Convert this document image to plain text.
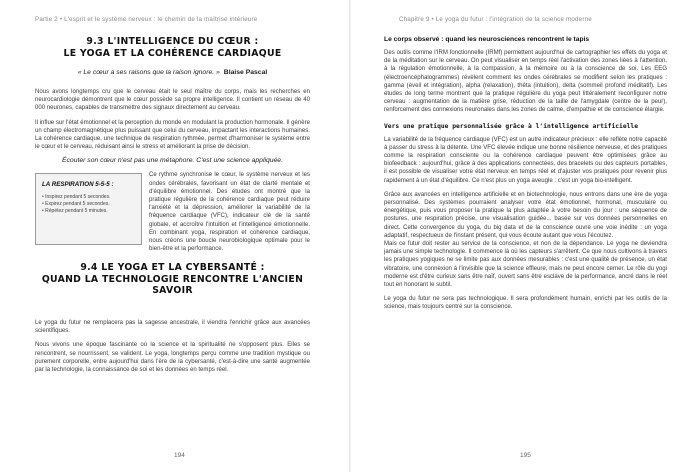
Partie 2 • L'esprit et le système nerveux : le chemin de la maîtrise intérieure	Chapitre 9 • Le yoga du futur : l'intégration de la science moderne
9.3 L'INTELLIGENCE DU CŒUR :
LE YOGA ET LA COHÉRENCE CARDIAQUE
« Le cœur a ses raisons que la raison ignore. » Blaise Pascal

Nous avons longtemps cru que le cerveau était le seul maître du corps, mais les recherches en neurocardiologie démontrent que le cœur possède sa propre intelligence. Il contient un réseau de 40 000 neurones, capables de transmettre des signaux directement au cerveau.

Il influe sur l'état émotionnel et la perception du monde en modulant la production hormonale. Il génère un champ électromagnétique plus puissant que celui du cerveau, impactant les interactions humaines. La cohérence cardiaque, une technique de respiration rythmée, permet d'harmoniser le système entre le cœur et le cerveau, réduisant ainsi le stress et améliorant la prise de décision.

Écouter son cœur n'est pas une métaphore. C'est une science appliquée.
LA RESPIRATION 5-5-5 :
• Inspirez pendant 5 secondes.
• Expirez pendant 5 secondes.
• Répétez pendant 5 minutes.

Ce rythme synchronise le cœur, le système nerveux et les ondes cérébrales, favorisant un état de clarté mentale et d'équilibre émotionnel. Des études ont montré que la pratique régulière de la cohérence cardiaque peut réduire l'anxiété et la dépression, améliorer la variabilité de la fréquence cardiaque (VFC), indicateur clé de la santé globale, et accroître l'intuition et l'intelligence émotionnelle. En combinant yoga, respiration et cohérence cardiaque, nous créons une boucle neurobiologique optimale pour le bien-être et la performance.

9.4 LE YOGA ET LA CYBERSANTÉ :
QUAND LA TECHNOLOGIE RENCONTRE L'ANCIEN SAVOIR

Le yoga du futur ne remplacera pas la sagesse ancestrale, il viendra l'enrichir grâce aux avancées scientifiques.

Nous vivons une époque fascinante où la science et la spiritualité ne s'opposent plus. Elles se rencontrent, se nourrissent, se valident. Le yoga, longtemps perçu comme une tradition mystique ou purement corporelle, entre aujourd'hui dans l'ère de la cybersanté, c'est-à-dire une santé augmentée par la technologie, la connaissance de soi et les données en temps réel.

Le corps observé : quand les neurosciences rencontrent le tapis

Des outils comme l'IRM fonctionnelle (IRMf) permettent aujourd'hui de cartographier les effets du yoga et de la méditation sur le cerveau. On peut visualiser en temps réel l'activation des zones liées à l'attention, à la régulation émotionnelle, à la compassion, à la mémoire ou à la conscience de soi. Les EEG (électroencéphalogrammes) révèlent comment les ondes cérébrales se modifient selon les pratiques : gamma (éveil et intégration), alpha (relaxation), thêta (intuition), delta (sommeil profond méditatif). Les études de long terme montrent que la pratique régulière du yoga peut littéralement reconfigurer notre cerveau : augmentation de la matière grise, réduction de la taille de l'amygdale (centre de la peur), renforcement des connexions neuronales dans les zones de calme, d'empathie et de conscience élargie.

Vers une pratique personnalisée grâce à l'intelligence artificielle

La variabilité de la fréquence cardiaque (VFC) est un autre indicateur précieux : elle reflète notre capacité à passer du stress à la détente. Une VFC élevée indique une bonne résilience nerveuse, et des pratiques comme la respiration consciente ou la cohérence cardiaque peuvent être optimisées grâce au biofeedback : aujourd'hui, grâce à des applications connectées, des bracelets ou des capteurs portables, il est possible de visualiser votre état nerveux en temps réel et d'ajuster vos pratiques pour revenir plus rapidement à un état d'équilibre. Ce n'est plus un yoga aveugle : c'est un yoga bio-intelligent.

Grâce aux avancées en intelligence artificielle et en biotechnologie, nous entrons dans une ère de yoga personnalisé. Des systèmes pourraient analyser votre état émotionnel, hormonal, musculaire ou énergétique, puis vous proposer la pratique la plus adaptée à votre besoin du jour : une séquence de postures, une respiration précise, une visualisation guidée... basée sur vos données personnelles en direct. Cette convergence du yoga, du big data et de la conscience ouvre une voie inédite : un yoga adaptatif, respectueux de l'instant présent, qui vous écoute autant que vous l'écoutez.

Mais ce futur doit rester au service de la conscience, et non de la dépendance. Le yoga ne deviendra jamais une simple technologie. Il commence là où les capteurs s'arrêtent. Ce que nous cultivons à travers les pratiques yogiques ne se limite pas aux données mesurables : c'est une qualité de présence, un état vibratoire, une connexion à l'invisible que la science effleure, mais ne peut encore cerner. Le rôle du yogi moderne est d'être curieux sans être naïf, ouvert sans être esclave de la performance, ancré dans le réel tout en honorant le subtil.

Le yoga du futur ne sera pas technologique. Il sera profondément humain, enrichi par les outils de la science, mais toujours centré sur la conscience.

194	195
